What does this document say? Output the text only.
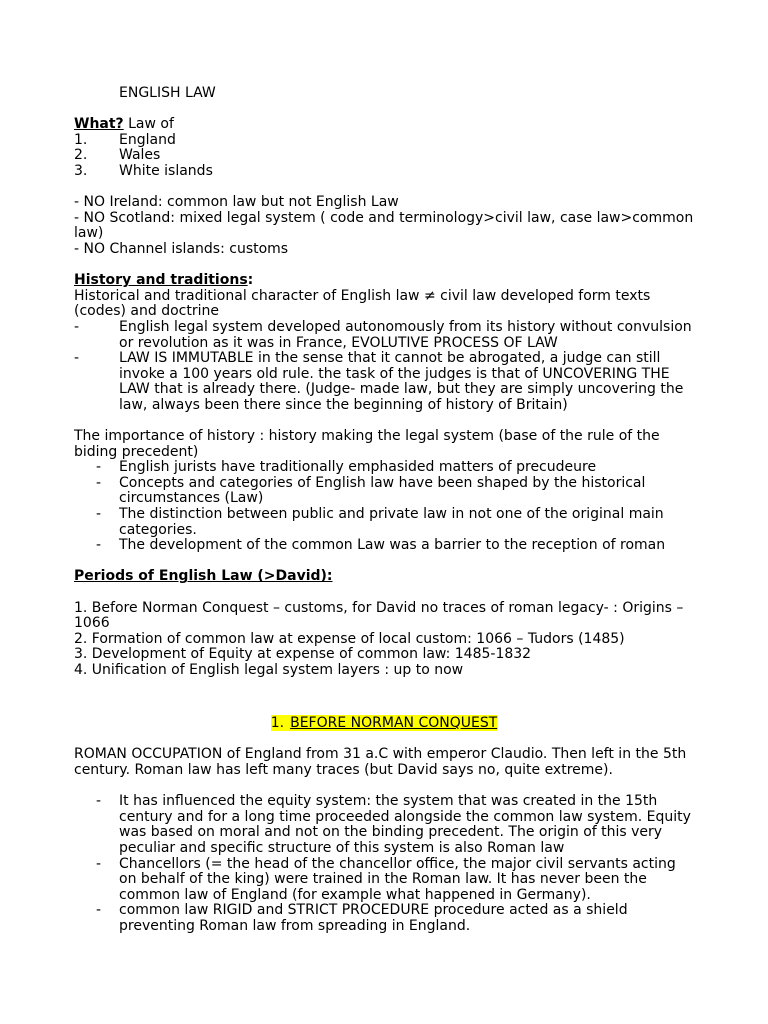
ENGLISH LAW

What? Law of

1.	England
2.	Wales
3.	White islands

- NO Ireland: common law but not English Law

- NO Scotland: mixed legal system ( code and terminology>civil law, case law>common law)

- NO Channel islands: customs

History and traditions:

Historical and traditional character of English law ≠ civil law developed form texts (codes) and doctrine

-	English legal system developed autonomously from its history without convulsion or revolution as it was in France, EVOLUTIVE PROCESS OF LAW
-	LAW IS IMMUTABLE in the sense that it cannot be abrogated, a judge can still invoke a 100 years old rule. the task of the judges is that of UNCOVERING THE LAW that is already there. (Judge- made law, but they are simply uncovering the law, always been there since the beginning of history of Britain)

The importance of history : history making the legal system (base of the rule of the biding precedent)

-	English jurists have traditionally emphasided matters of precudeure
-	Concepts and categories of English law have been shaped by the historical circumstances (Law)
-	The distinction between public and private law in not one of the original main categories.
-	The development of the common Law was a barrier to the reception of roman

Periods of English Law (>David):

1. Before Norman Conquest – customs, for David no traces of roman legacy- : Origins – 1066

2. Formation of common law at expense of local custom: 1066 – Tudors (1485)

3. Development of Equity at expense of common law: 1485-1832

4. Unification of English legal system layers : up to now

1. BEFORE NORMAN CONQUEST

ROMAN OCCUPATION of England from 31 a.C with emperor Claudio. Then left in the 5th century. Roman law has left many traces (but David says no, quite extreme).

-	It has influenced the equity system: the system that was created in the 15th century and for a long time proceeded alongside the common law system. Equity was based on moral and not on the binding precedent. The origin of this very peculiar and specific structure of this system is also Roman law
-	Chancellors (= the head of the chancellor office, the major civil servants acting on behalf of the king) were trained in the Roman law. It has never been the common law of England (for example what happened in Germany).
-	common law RIGID and STRICT PROCEDURE procedure acted as a shield preventing Roman law from spreading in England.
